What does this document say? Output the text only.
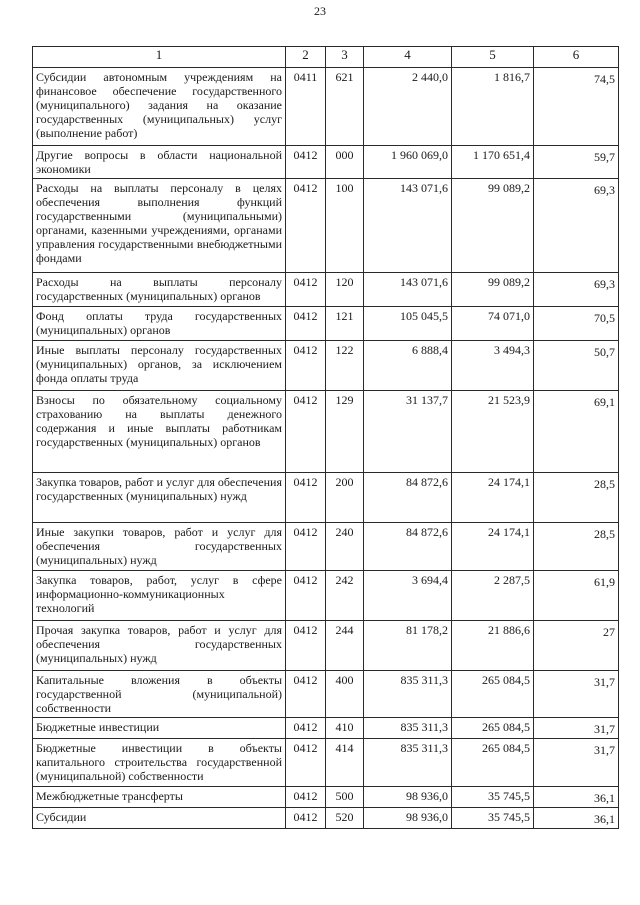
23
1	2	3	4	5	6
Субсидии автономным учреждениям на финансовое обеспечение государственного (муниципального) задания на оказание государственных (муниципальных) услуг (выполнение работ)	0411	621	2 440,0	1 816,7	74,5
Другие вопросы в области национальной экономики	0412	000	1 960 069,0	1 170 651,4	59,7
Расходы на выплаты персоналу в целях обеспечения выполнения функций государственными (муниципальными) органами, казенными учреждениями, органами управления государственными внебюджетными фондами	0412	100	143 071,6	99 089,2	69,3
Расходы на выплаты персоналу государственных (муниципальных) органов	0412	120	143 071,6	99 089,2	69,3
Фонд оплаты труда государственных (муниципальных) органов	0412	121	105 045,5	74 071,0	70,5
Иные выплаты персоналу государственных (муниципальных) органов, за исключением фонда оплаты труда	0412	122	6 888,4	3 494,3	50,7
Взносы по обязательному социальному страхованию на выплаты денежного содержания и иные выплаты работникам государственных (муниципальных) органов	0412	129	31 137,7	21 523,9	69,1
Закупка товаров, работ и услуг для обеспечения государственных (муниципальных) нужд	0412	200	84 872,6	24 174,1	28,5
Иные закупки товаров, работ и услуг для обеспечения государственных (муниципальных) нужд	0412	240	84 872,6	24 174,1	28,5
Закупка товаров, работ, услуг в сфере информационно-коммуникационных технологий	0412	242	3 694,4	2 287,5	61,9
Прочая закупка товаров, работ и услуг для обеспечения государственных (муниципальных) нужд	0412	244	81 178,2	21 886,6	27
Капитальные вложения в объекты государственной (муниципальной) собственности	0412	400	835 311,3	265 084,5	31,7
Бюджетные инвестиции	0412	410	835 311,3	265 084,5	31,7
Бюджетные инвестиции в объекты капитального строительства государственной (муниципальной) собственности	0412	414	835 311,3	265 084,5	31,7
Межбюджетные трансферты	0412	500	98 936,0	35 745,5	36,1
Субсидии	0412	520	98 936,0	35 745,5	36,1
